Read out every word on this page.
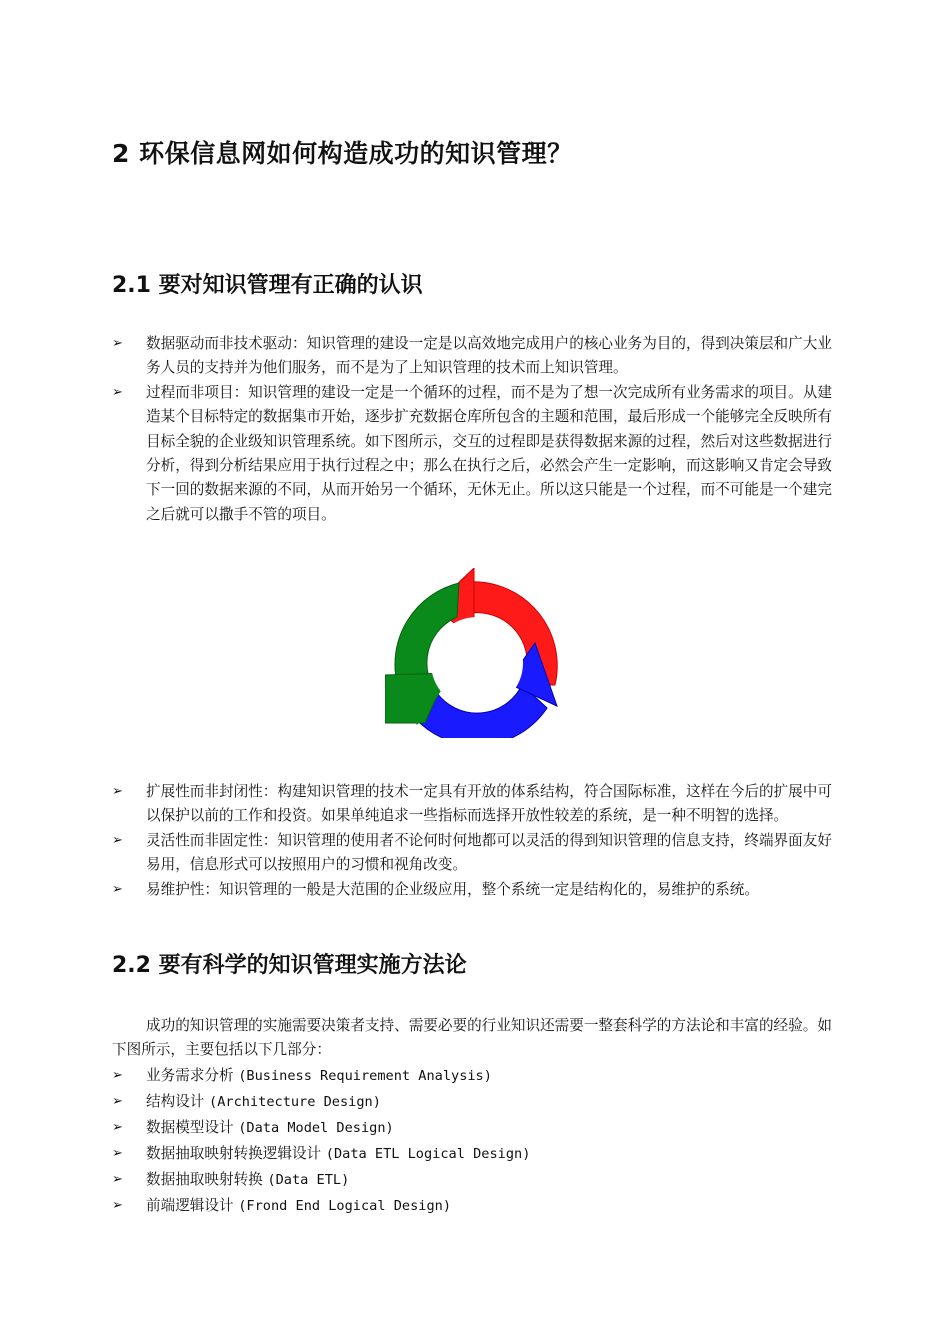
2 环保信息网如何构造成功的知识管理？
2.1 要对知识管理有正确的认识
➢ 数据驱动而非技术驱动：知识管理的建设一定是以高效地完成用户的核心业务为目的，得到决策层和广大业务人员的支持并为他们服务，而不是为了上知识管理的技术而上知识管理。
➢ 过程而非项目：知识管理的建设一定是一个循环的过程，而不是为了想一次完成所有业务需求的项目。从建造某个目标特定的数据集市开始，逐步扩充数据仓库所包含的主题和范围，最后形成一个能够完全反映所有目标全貌的企业级知识管理系统。如下图所示，交互的过程即是获得数据来源的过程，然后对这些数据进行分析，得到分析结果应用于执行过程之中；那么在执行之后，必然会产生一定影响，而这影响又肯定会导致下一回的数据来源的不同，从而开始另一个循环，无休无止。所以这只能是一个过程，而不可能是一个建完之后就可以撒手不管的项目。
➢ 扩展性而非封闭性：构建知识管理的技术一定具有开放的体系结构，符合国际标准，这样在今后的扩展中可以保护以前的工作和投资。如果单纯追求一些指标而选择开放性较差的系统，是一种不明智的选择。
➢ 灵活性而非固定性：知识管理的使用者不论何时何地都可以灵活的得到知识管理的信息支持，终端界面友好易用，信息形式可以按照用户的习惯和视角改变。
➢ 易维护性：知识管理的一般是大范围的企业级应用，整个系统一定是结构化的，易维护的系统。
2.2 要有科学的知识管理实施方法论

成功的知识管理的实施需要决策者支持、需要必要的行业知识还需要一整套科学的方法论和丰富的经验。如下图所示，主要包括以下几部分：

➢ 业务需求分析 (Business Requirement Analysis)
➢ 结构设计 (Architecture Design)
➢ 数据模型设计 (Data Model Design)
➢ 数据抽取映射转换逻辑设计 (Data ETL Logical Design)
➢ 数据抽取映射转换 (Data ETL)
➢ 前端逻辑设计 (Frond End Logical Design)
